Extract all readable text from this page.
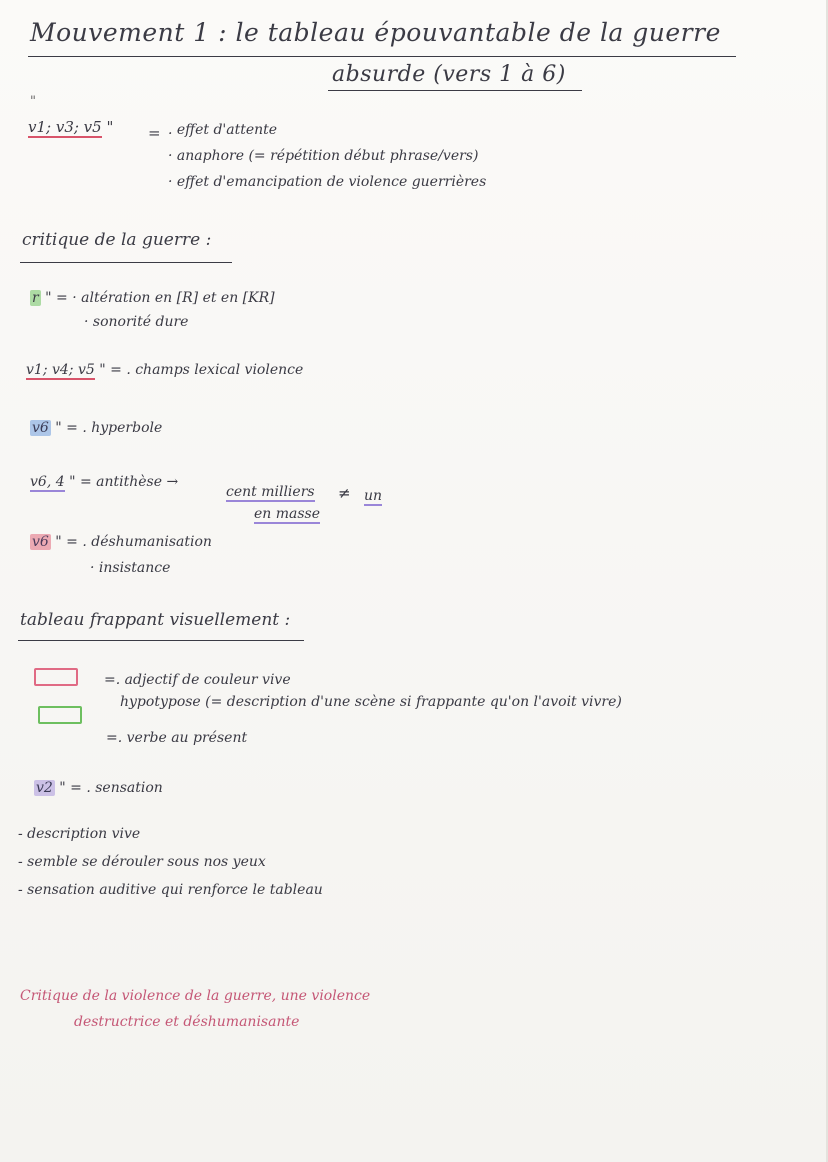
Mouvement 1 : le tableau épouvantable de la guerre
absurde (vers 1 à 6)
"
v1; v3; v5 " = . effet d'attente
· anaphore (= répétition début phrase/vers)
· effet d'emancipation de violence guerrières
critique de la guerre :
r " = · altération en [R] et en [KR]
· sonorité dure
v1; v4; v5 " = . champs lexical violence
v6 " = . hyperbole
v6, 4 " = antithèse →
cent milliers
en masse
≠ un
v6 " = . déshumanisation
· insistance
tableau frappant visuellement :
=. adjectif de couleur vive
hypotypose (= description d'une scène si frappante qu'on l'avoit vivre)
=. verbe au présent
v2 " = . sensation
- description vive
- semble se dérouler sous nos yeux
- sensation auditive qui renforce le tableau
Critique de la violence de la guerre, une violence
destructrice et déshumanisante
